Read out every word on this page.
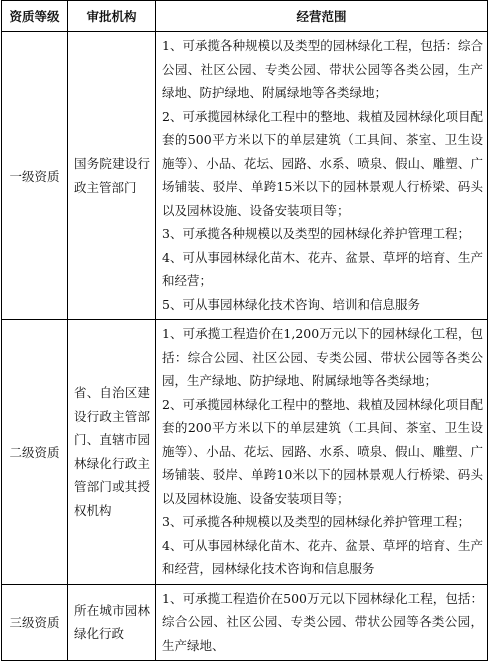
资质等级	审批机构	经营范围
一级资质	国务院建设行政主管部门	1、可承揽各种规模以及类型的园林绿化工程，包括：综合公园、社区公园、专类公园、带状公园等各类公园，生产绿地、防护绿地、附属绿地等各类绿地；

2、可承揽园林绿化工程中的整地、栽植及园林绿化项目配套的500平方米以下的单层建筑（工具间、茶室、卫生设施等）、小品、花坛、园路、水系、喷泉、假山、雕塑、广场铺装、驳岸、单跨15米以下的园林景观人行桥梁、码头以及园林设施、设备安装项目等；

3、可承揽各种规模以及类型的园林绿化养护管理工程；

4、可从事园林绿化苗木、花卉、盆景、草坪的培育、生产和经营；

5、可从事园林绿化技术咨询、培训和信息服务

二级资质	省、自治区建设行政主管部门、直辖市园林绿化行政主管部门或其授权机构	1、可承揽工程造价在1,200万元以下的园林绿化工程，包括：综合公园、社区公园、专类公园、带状公园等各类公园，生产绿地、防护绿地、附属绿地等各类绿地；

2、可承揽园林绿化工程中的整地、栽植及园林绿化项目配套的200平方米以下的单层建筑（工具间、茶室、卫生设施等）、小品、花坛、园路、水系、喷泉、假山、雕塑、广场铺装、驳岸、单跨10米以下的园林景观人行桥梁、码头以及园林设施、设备安装项目等；

3、可承揽各种规模以及类型的园林绿化养护管理工程；

4、可从事园林绿化苗木、花卉、盆景、草坪的培育、生产和经营，园林绿化技术咨询和信息服务

三级资质	所在城市园林绿化行政	1、可承揽工程造价在500万元以下园林绿化工程，包括：综合公园、社区公园、专类公园、带状公园等各类公园，生产绿地、
